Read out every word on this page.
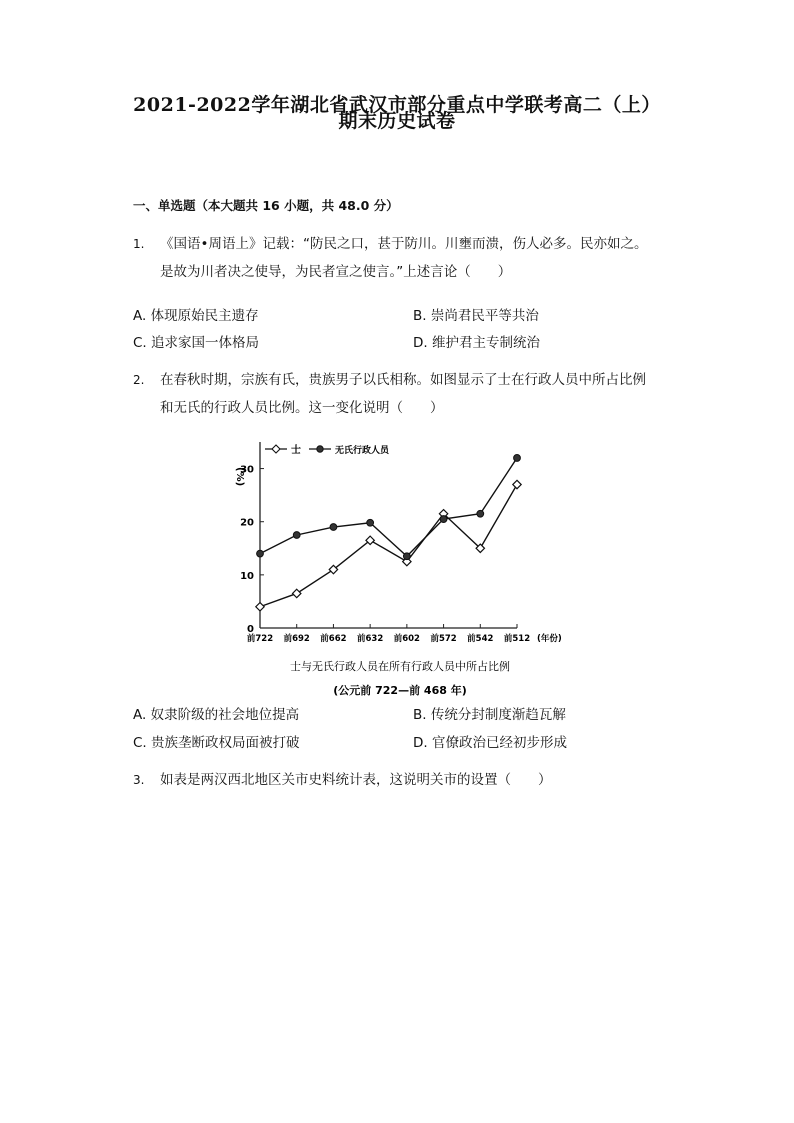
2021-2022学年湖北省武汉市部分重点中学联考高二（上）
期末历史试卷
一、单选题（本大题共 16 小题，共 48.0 分）
1. 《国语•周语上》记载：“防民之口，甚于防川。川壅而溃，伤人必多。民亦如之。
是故为川者决之使导，为民者宣之使言。”上述言论（　　）
A. 体现原始民主遗存	B. 崇尚君民平等共治
C. 追求家国一体格局	D. 维护君主专制统治
2. 在春秋时期，宗族有氏，贵族男子以氏相称。如图显示了士在行政人员中所占比例
和无氏的行政人员比例。这一变化说明（　　）
0
10
20
30
(%)
前722 前692 前662 前632 前602 前572 前542 前512 (年份)
士	无氏行政人员
士与无氏行政人员在所有行政人员中所占比例
(公元前 722—前 468 年)
A. 奴隶阶级的社会地位提高	B. 传统分封制度渐趋瓦解
C. 贵族垄断政权局面被打破	D. 官僚政治已经初步形成
3. 如表是两汉西北地区关市史料统计表，这说明关市的设置（　　）
